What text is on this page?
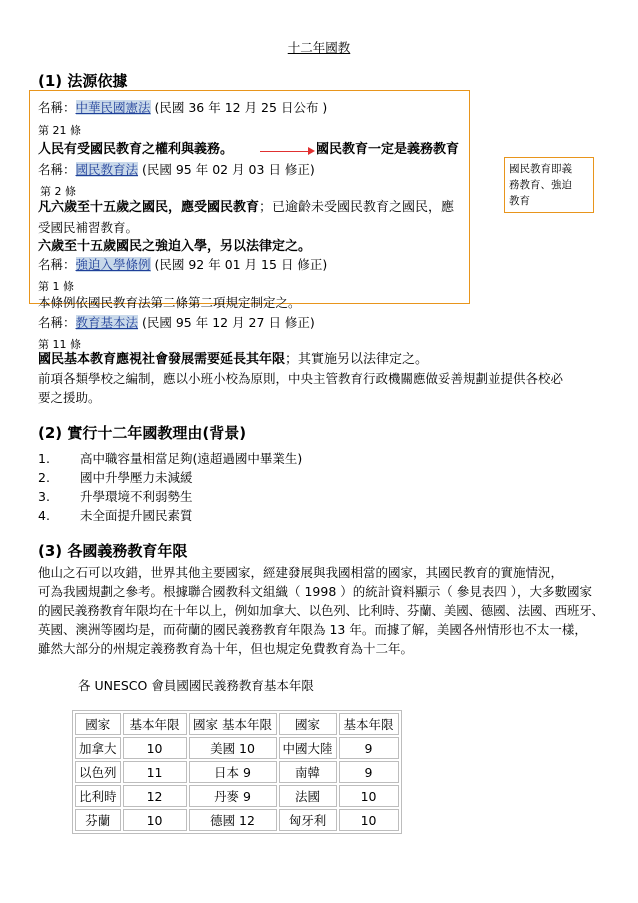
十二年國教
(1) 法源依據
名稱：中華民國憲法 (民國 36 年 12 月 25 日公布 )
第 21 條
人民有受國民教育之權利與義務。	國民教育一定是義務教育
名稱：國民教育法 (民國 95 年 02 月 03 日 修正)
第 2 條
凡六歲至十五歲之國民，應受國民教育；已逾齡未受國民教育之國民，應
受國民補習教育。
六歲至十五歲國民之強迫入學，另以法律定之。
名稱：強迫入學條例 (民國 92 年 01 月 15 日 修正)
第 1 條
本條例依國民教育法第二條第二項規定制定之。
名稱：教育基本法 (民國 95 年 12 月 27 日 修正)
第 11 條
國民基本教育應視社會發展需要延長其年限；其實施另以法律定之。
前項各類學校之編制，應以小班小校為原則，中央主管教育行政機關應做妥善規劃並提供各校必
要之援助。
國民教育即義
務教育、強迫
教育
(2) 實行十二年國教理由(背景)
1. 高中職容量相當足夠(遠超過國中畢業生)
2. 國中升學壓力未減緩
3. 升學環境不利弱勢生
4. 未全面提升國民素質
(3) 各國義務教育年限
他山之石可以攻錯，世界其他主要國家，經建發展與我國相當的國家，其國民教育的實施情況，
可為我國規劃之參考。根據聯合國教科文組織（ 1998 ）的統計資料顯示（ 參見表四 ），大多數國家
的國民義務教育年限均在十年以上，例如加拿大、以色列、比利時、芬蘭、美國、德國、法國、西班牙、
英國、澳洲等國均是，而荷蘭的國民義務教育年限為 13 年。而據了解，美國各州情形也不太一樣，
雖然大部分的州規定義務教育為十年，但也規定免費教育為十二年。
各 UNESCO 會員國國民義務教育基本年限
國家	基本年限	國家 基本年限	國家	基本年限
加拿大	10	美國 10	中國大陸	9
以色列	11	日本 9	南韓	9
比利時	12	丹麥 9	法國	10
芬蘭	10	德國 12	匈牙利	10
